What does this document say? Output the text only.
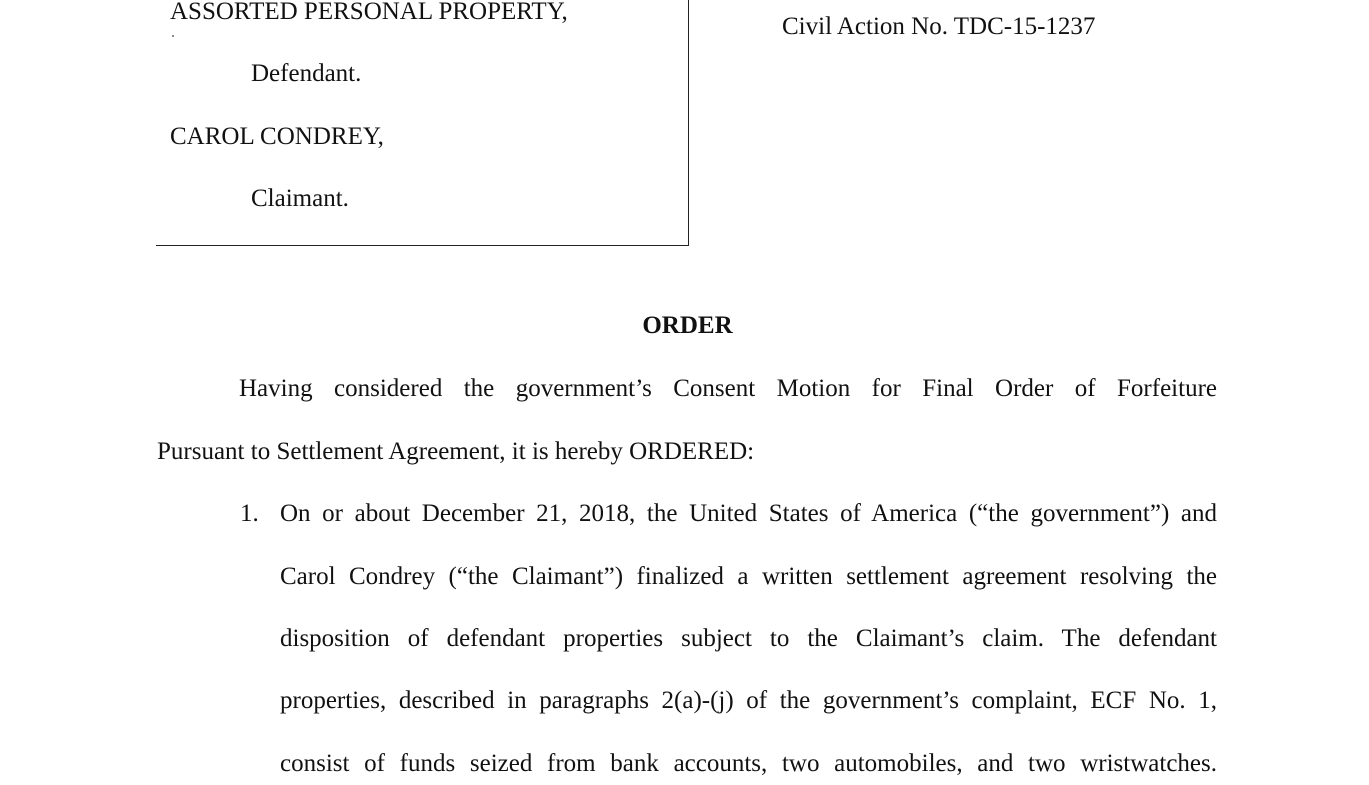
ASSORTED PERSONAL PROPERTY,
Defendant.
CAROL CONDREY,
Claimant.
Civil Action No. TDC-15-1237
ORDER
Having considered the government’s Consent Motion for Final Order of Forfeiture
Pursuant to Settlement Agreement, it is hereby ORDERED:
1. On or about December 21, 2018, the United States of America (“the government”) and
Carol Condrey (“the Claimant”) finalized a written settlement agreement resolving the
disposition of defendant properties subject to the Claimant’s claim. The defendant
properties, described in paragraphs 2(a)-(j) of the government’s complaint, ECF No. 1,
consist of funds seized from bank accounts, two automobiles, and two wristwatches.
